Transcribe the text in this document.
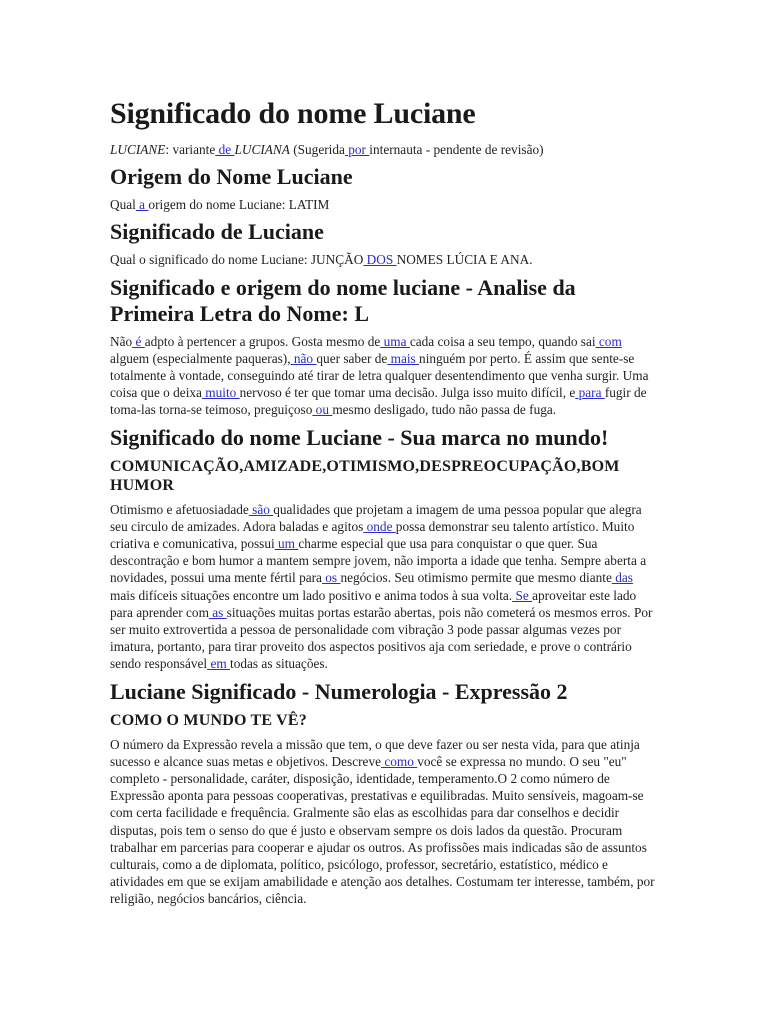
Significado do nome Luciane

LUCIANE: variante de LUCIANA (Sugerida por internauta - pendente de revisão)

Origem do Nome Luciane

Qual a origem do nome Luciane: LATIM

Significado de Luciane

Qual o significado do nome Luciane: JUNÇÃO DOS NOMES LÚCIA E ANA.

Significado e origem do nome luciane - Analise da Primeira Letra do Nome: L

Não é adpto à pertencer a grupos. Gosta mesmo de uma cada coisa a seu tempo, quando sai com alguem (especialmente paqueras), não quer saber de mais ninguém por perto. É assim que sente-se totalmente à vontade, conseguindo até tirar de letra qualquer desentendimento que venha surgir. Uma coisa que o deixa muito nervoso é ter que tomar uma decisão. Julga isso muito difícil, e para fugir de toma-las torna-se teimoso, preguiçoso ou mesmo desligado, tudo não passa de fuga.

Significado do nome Luciane - Sua marca no mundo!
COMUNICAÇÃO,AMIZADE,OTIMISMO,DESPREOCUPAÇÃO,BOM HUMOR

Otimismo e afetuosiadade são qualidades que projetam a imagem de uma pessoa popular que alegra seu circulo de amizades. Adora baladas e agitos onde possa demonstrar seu talento artístico. Muito criativa e comunicativa, possui um charme especial que usa para conquistar o que quer. Sua descontração e bom humor a mantem sempre jovem, não importa a idade que tenha. Sempre aberta a novidades, possui uma mente fértil para os negócios. Seu otimismo permite que mesmo diante das mais difíceis situações encontre um lado positivo e anima todos à sua volta. Se aproveitar este lado para aprender com as situações muitas portas estarão abertas, pois não cometerá os mesmos erros. Por ser muito extrovertida a pessoa de personalidade com vibração 3 pode passar algumas vezes por imatura, portanto, para tirar proveito dos aspectos positivos aja com seriedade, e prove o contrário sendo responsável em todas as situações.

Luciane Significado - Numerologia - Expressão 2
COMO O MUNDO TE VÊ?

O número da Expressão revela a missão que tem, o que deve fazer ou ser nesta vida, para que atinja sucesso e alcance suas metas e objetivos. Descreve como você se expressa no mundo. O seu "eu" completo - personalidade, caráter, disposição, identidade, temperamento.O 2 como número de Expressão aponta para pessoas cooperativas, prestativas e equilibradas. Muito sensíveis, magoam-se com certa facilidade e frequência. Gralmente são elas as escolhidas para dar conselhos e decidir disputas, pois tem o senso do que é justo e observam sempre os dois lados da questão. Procuram trabalhar em parcerias para cooperar e ajudar os outros. As profissões mais indicadas são de assuntos culturais, como a de diplomata, político, psicólogo, professor, secretário, estatístico, médico e atividades em que se exijam amabilidade e atenção aos detalhes. Costumam ter interesse, também, por religião, negócios bancários, ciência.
